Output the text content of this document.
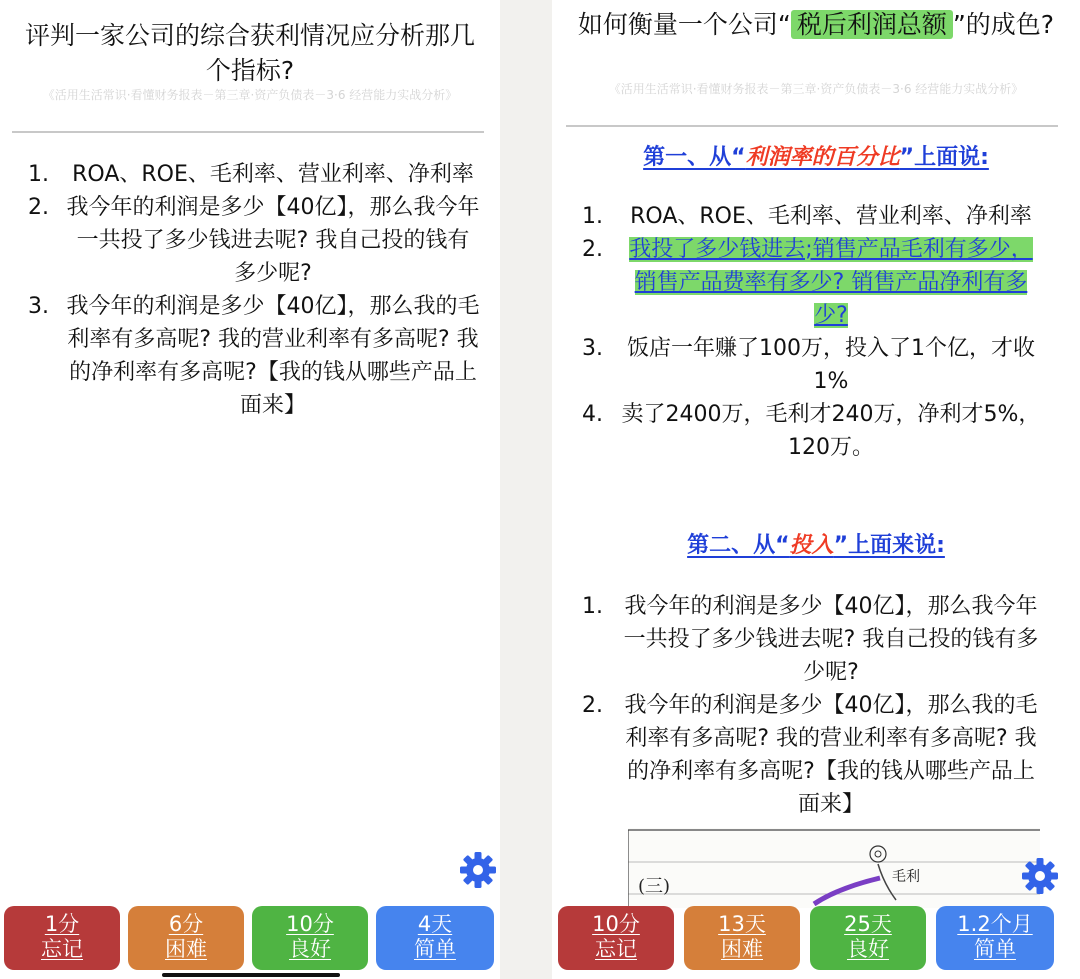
评判一家公司的综合获利情况应分析那几个指标?
《活用生活常识·看懂财务报表－第三章·资产负债表－3·6 经营能力实战分析》
1.	ROA、ROE、毛利率、营业利率、净利率
2. 我今年的利润是多少【40亿】，那么我今年一共投了多少钱进去呢? 我自己投的钱有多少呢?
3. 我今年的利润是多少【40亿】，那么我的毛利率有多高呢? 我的营业利率有多高呢? 我的净利率有多高呢?【我的钱从哪些产品上面来】
1分
忘记
6分
困难
10分
良好
4天
简单
如何衡量一个公司“ 税后利润总额 ”的成色?
《活用生活常识·看懂财务报表－第三章·资产负债表－3·6 经营能力实战分析》
第一、从“利润率的百分比”上面说:
1.	ROA、ROE、毛利率、营业利率、净利率
2.	我投了多少钱进去;销售产品毛利有多少，销售产品费率有多少? 销售产品净利有多少?
3.	饭店一年赚了100万，投入了1个亿，才收1%
4. 卖了2400万，毛利才240万，净利才5%，120万。
第二、从“投入”上面来说:
1. 我今年的利润是多少【40亿】，那么我今年一共投了多少钱进去呢? 我自己投的钱有多少呢?
2. 我今年的利润是多少【40亿】，那么我的毛利率有多高呢? 我的营业利率有多高呢? 我的净利率有多高呢?【我的钱从哪些产品上面来】
(三)	毛利
10分
忘记
13天
困难
25天
良好
1.2个月
简单
